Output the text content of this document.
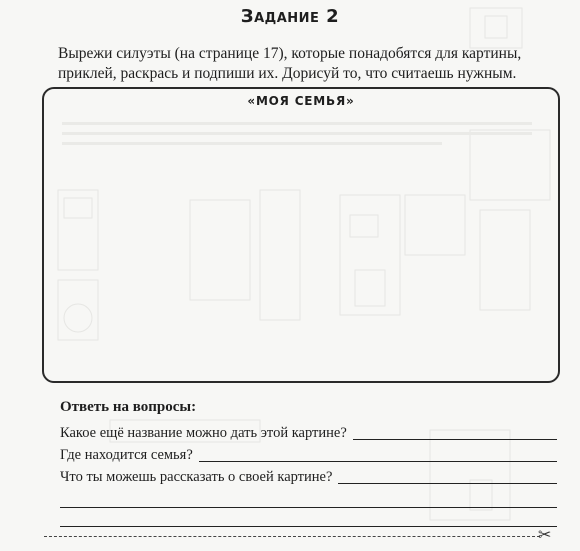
Задание 2
Вырежи силуэты (на странице 17), которые понадобятся для картины, приклей, раскрась и подпиши их. Дорисуй то, что считаешь нужным.
«МОЯ СЕМЬЯ»
Ответь на вопросы:
Какое ещё название можно дать этой картине?
Где находится семья?
Что ты можешь рассказать о своей картине?
✂
